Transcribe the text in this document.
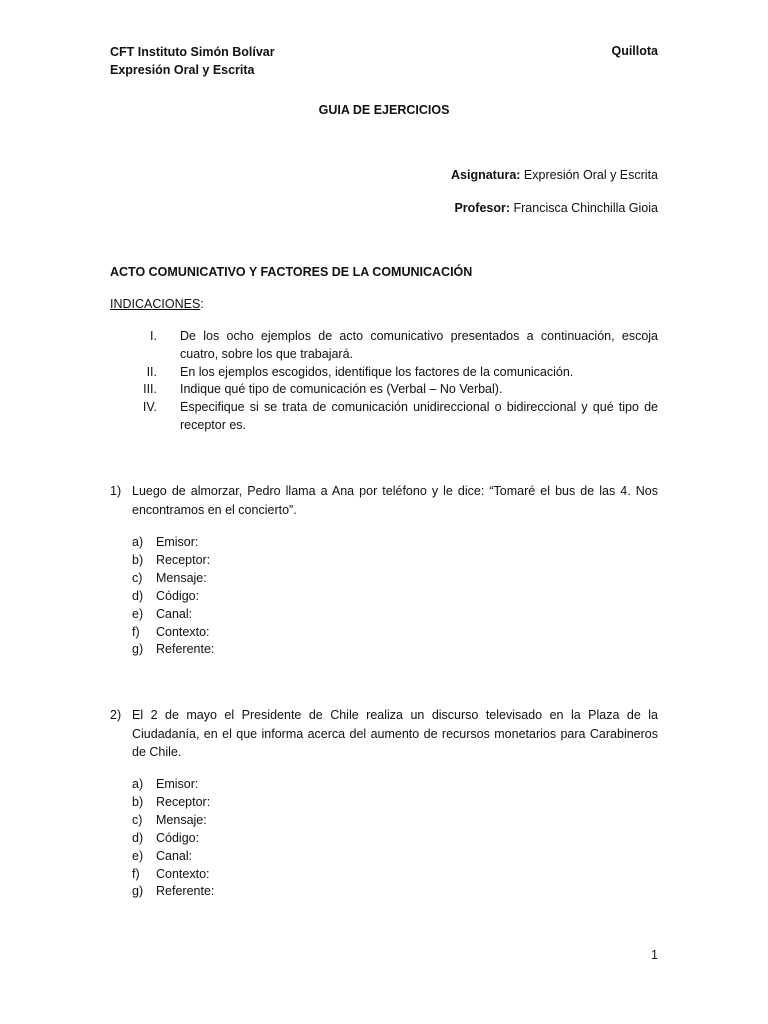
CFT Instituto Simón Bolívar
Expresión Oral y Escrita
Quillota
GUIA DE EJERCICIOS
Asignatura: Expresión Oral y Escrita
Profesor: Francisca Chinchilla Gioia
ACTO COMUNICATIVO Y FACTORES DE LA COMUNICACIÓN
INDICACIONES:
I.	De los ocho ejemplos de acto comunicativo presentados a continuación, escoja cuatro, sobre los que trabajará.
II.	En los ejemplos escogidos, identifique los factores de la comunicación.
III.	Indique qué tipo de comunicación es (Verbal – No Verbal).
IV.	Especifique si se trata de comunicación unidireccional o bidireccional y qué tipo de receptor es.
1) Luego de almorzar, Pedro llama a Ana por teléfono y le dice: “Tomaré el bus de las 4. Nos encontramos en el concierto”.
a)	Emisor:
b)	Receptor:
c)	Mensaje:
d)	Código:
e)	Canal:
f)	Contexto:
g)	Referente:
2) El 2 de mayo el Presidente de Chile realiza un discurso televisado en la Plaza de la Ciudadanía, en el que informa acerca del aumento de recursos monetarios para Carabineros de Chile.
a)	Emisor:
b)	Receptor:
c)	Mensaje:
d)	Código:
e)	Canal:
f)	Contexto:
g)	Referente:
1
